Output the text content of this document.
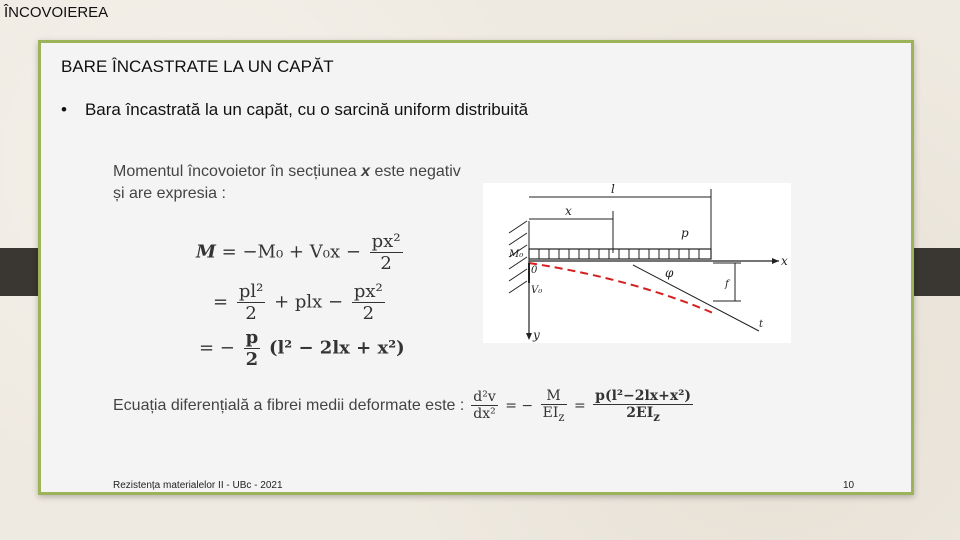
ÎNCOVOIEREA
BARE ÎNCASTRATE LA UN CAPĂT
• Bara încastrată la un capăt, cu o sarcină uniform distribuită
Momentul încovoietor în secțiunea x este negativ
și are expresia :
$M = -M_0 + V_0x - \frac{\text{px²}}{2}$
= $\frac{\text{pl²}}{2}$ + plx − $\frac{\text{px²}}{2}$
= − $\frac{p}{2} (l^2 - 2lx + x^2)$
Ecuația diferențială a fibrei medii deformate este : $\frac{\text{d²v}}{\text{dx²}}$ = − $\frac{M}{EI_z} = \frac{\text{p(l²−2lx+x²)}}{2EI_z}$
l
x
p
M₀
0
V₀
φ
x
f
y
t
Rezistența materialelor II - UBc - 2021	10
